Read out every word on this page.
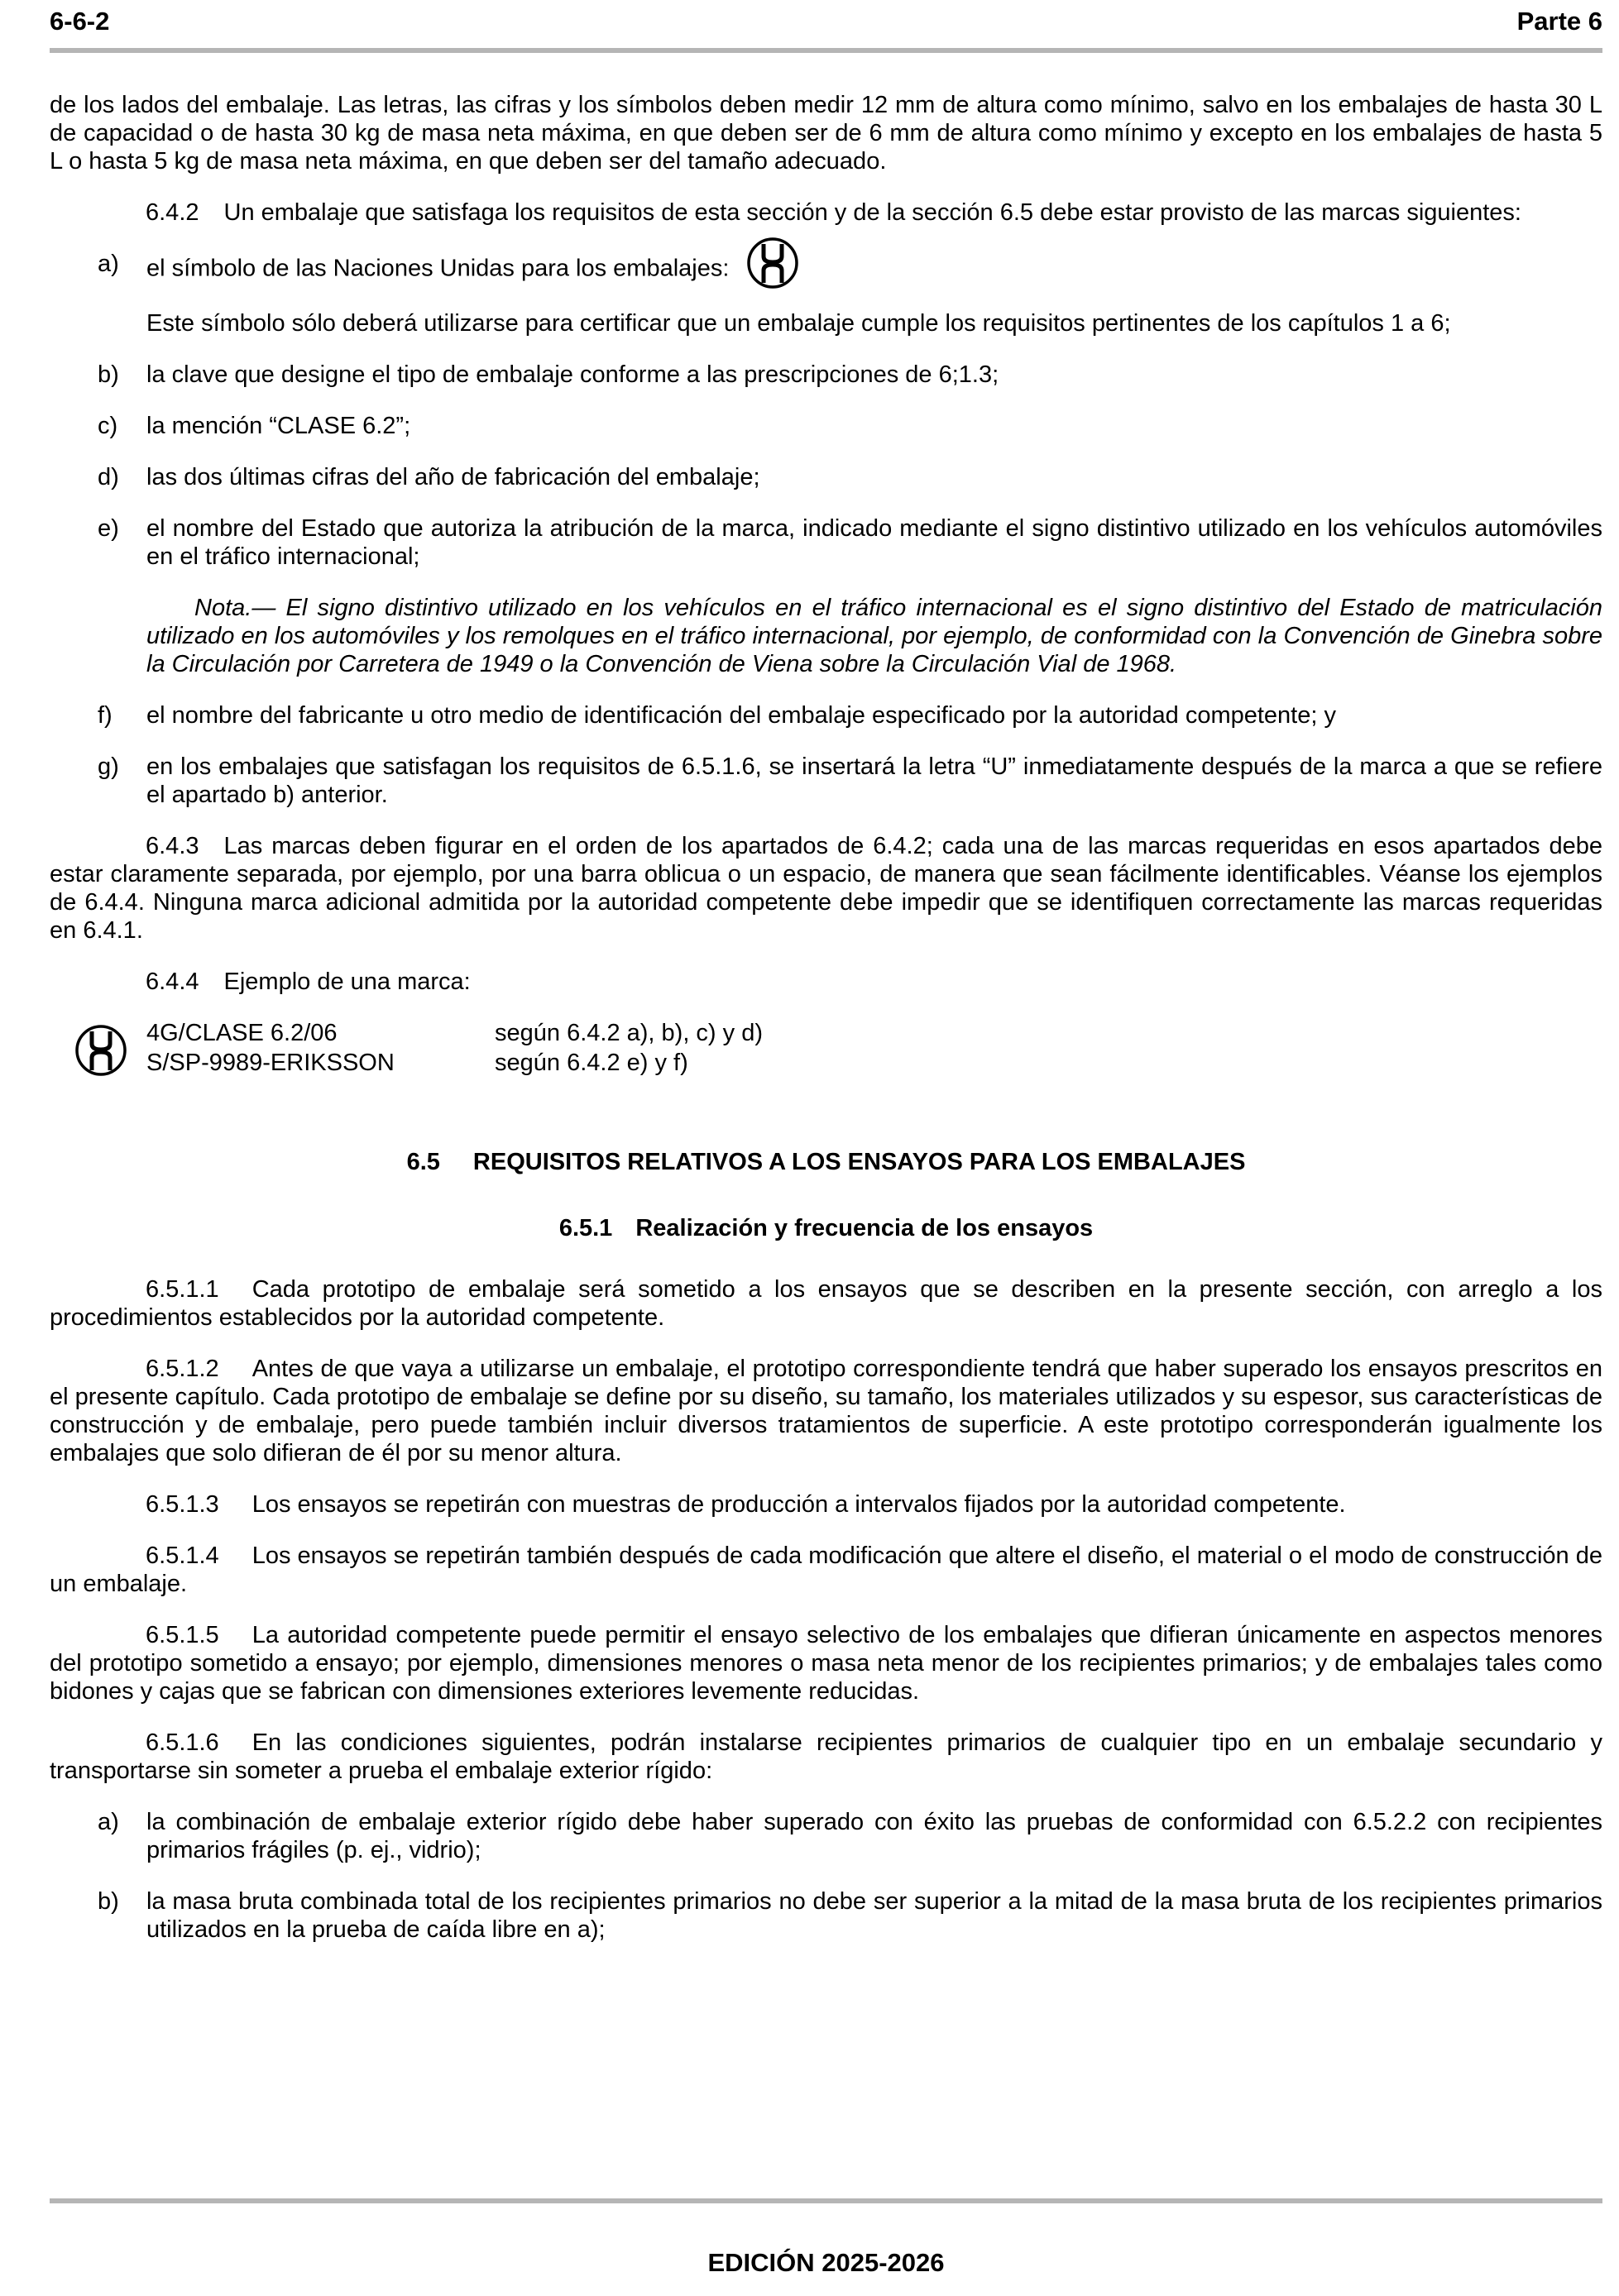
6-6-2	Parte 6

de los lados del embalaje. Las letras, las cifras y los símbolos deben medir 12 mm de altura como mínimo, salvo en los embalajes de hasta 30 L de capacidad o de hasta 30 kg de masa neta máxima, en que deben ser de 6 mm de altura como mínimo y excepto en los embalajes de hasta 5 L o hasta 5 kg de masa neta máxima, en que deben ser del tamaño adecuado.

6.4.2 Un embalaje que satisfaga los requisitos de esta sección y de la sección 6.5 debe estar provisto de las marcas siguientes:

a) el símbolo de las Naciones Unidas para los embalajes:
Este símbolo sólo deberá utilizarse para certificar que un embalaje cumple los requisitos pertinentes de los capítulos 1 a 6;
b) la clave que designe el tipo de embalaje conforme a las prescripciones de 6;1.3;
c) la mención “CLASE 6.2”;
d) las dos últimas cifras del año de fabricación del embalaje;
e) el nombre del Estado que autoriza la atribución de la marca, indicado mediante el signo distintivo utilizado en los vehículos automóviles en el tráfico internacional;
Nota.— El signo distintivo utilizado en los vehículos en el tráfico internacional es el signo distintivo del Estado de matriculación utilizado en los automóviles y los remolques en el tráfico internacional, por ejemplo, de conformidad con la Convención de Ginebra sobre la Circulación por Carretera de 1949 o la Convención de Viena sobre la Circulación Vial de 1968.
f) el nombre del fabricante u otro medio de identificación del embalaje especificado por la autoridad competente; y
g) en los embalajes que satisfagan los requisitos de 6.5.1.6, se insertará la letra “U” inmediatamente después de la marca a que se refiere el apartado b) anterior.

6.4.3 Las marcas deben figurar en el orden de los apartados de 6.4.2; cada una de las marcas requeridas en esos apartados debe estar claramente separada, por ejemplo, por una barra oblicua o un espacio, de manera que sean fácilmente identificables. Véanse los ejemplos de 6.4.4. Ninguna marca adicional admitida por la autoridad competente debe impedir que se identifiquen correctamente las marcas requeridas en 6.4.1.

6.4.4 Ejemplo de una marca:

4G/CLASE 6.2/06	según 6.4.2 a), b), c) y d)
S/SP-9989-ERIKSSON	según 6.4.2 e) y f)
6.5 REQUISITOS RELATIVOS A LOS ENSAYOS PARA LOS EMBALAJES
6.5.1 Realización y frecuencia de los ensayos

6.5.1.1 Cada prototipo de embalaje será sometido a los ensayos que se describen en la presente sección, con arreglo a los procedimientos establecidos por la autoridad competente.

6.5.1.2 Antes de que vaya a utilizarse un embalaje, el prototipo correspondiente tendrá que haber superado los ensayos prescritos en el presente capítulo. Cada prototipo de embalaje se define por su diseño, su tamaño, los materiales utilizados y su espesor, sus características de construcción y de embalaje, pero puede también incluir diversos tratamientos de superficie. A este prototipo corresponderán igualmente los embalajes que solo difieran de él por su menor altura.

6.5.1.3 Los ensayos se repetirán con muestras de producción a intervalos fijados por la autoridad competente.

6.5.1.4 Los ensayos se repetirán también después de cada modificación que altere el diseño, el material o el modo de construcción de un embalaje.

6.5.1.5 La autoridad competente puede permitir el ensayo selectivo de los embalajes que difieran únicamente en aspectos menores del prototipo sometido a ensayo; por ejemplo, dimensiones menores o masa neta menor de los recipientes primarios; y de embalajes tales como bidones y cajas que se fabrican con dimensiones exteriores levemente reducidas.

6.5.1.6 En las condiciones siguientes, podrán instalarse recipientes primarios de cualquier tipo en un embalaje secundario y transportarse sin someter a prueba el embalaje exterior rígido:

a) la combinación de embalaje exterior rígido debe haber superado con éxito las pruebas de conformidad con 6.5.2.2 con recipientes primarios frágiles (p. ej., vidrio);
b) la masa bruta combinada total de los recipientes primarios no debe ser superior a la mitad de la masa bruta de los recipientes primarios utilizados en la prueba de caída libre en a);
EDICIÓN 2025-2026
